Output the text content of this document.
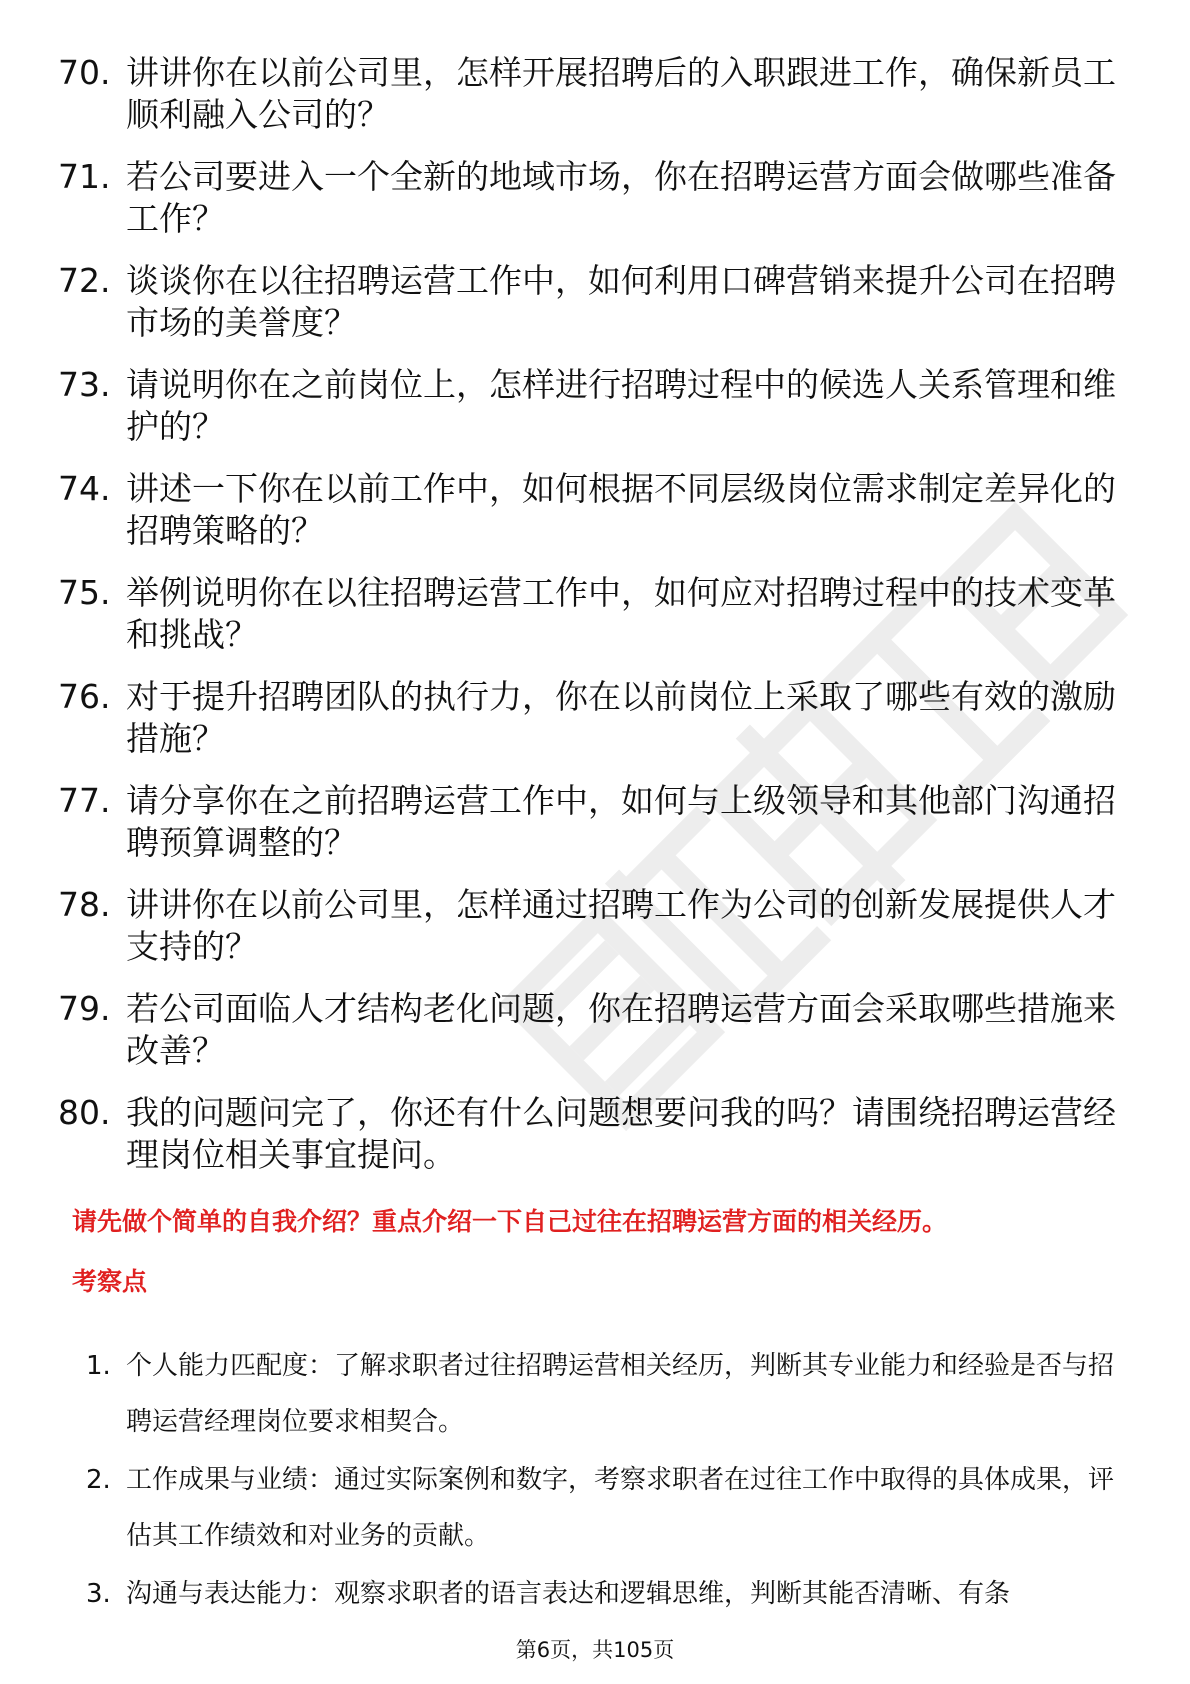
70. 讲讲你在以前公司里，怎样开展招聘后的入职跟进工作，确保新员工顺利融入公司的？
71. 若公司要进入一个全新的地域市场，你在招聘运营方面会做哪些准备工作？
72. 谈谈你在以往招聘运营工作中，如何利用口碑营销来提升公司在招聘市场的美誉度？
73. 请说明你在之前岗位上，怎样进行招聘过程中的候选人关系管理和维护的？
74. 讲述一下你在以前工作中，如何根据不同层级岗位需求制定差异化的招聘策略的？
75. 举例说明你在以往招聘运营工作中，如何应对招聘过程中的技术变革和挑战？
76. 对于提升招聘团队的执行力，你在以前岗位上采取了哪些有效的激励措施？
77. 请分享你在之前招聘运营工作中，如何与上级领导和其他部门沟通招聘预算调整的？
78. 讲讲你在以前公司里，怎样通过招聘工作为公司的创新发展提供人才支持的？
79. 若公司面临人才结构老化问题，你在招聘运营方面会采取哪些措施来改善？
80. 我的问题问完了，你还有什么问题想要问我的吗？请围绕招聘运营经理岗位相关事宜提问。
请先做个简单的自我介绍？重点介绍一下自己过往在招聘运营方面的相关经历。
考察点
1. 个人能力匹配度：了解求职者过往招聘运营相关经历，判断其专业能力和经验是否与招聘运营经理岗位要求相契合。
2. 工作成果与业绩：通过实际案例和数字，考察求职者在过往工作中取得的具体成果，评估其工作绩效和对业务的贡献。
3. 沟通与表达能力：观察求职者的语言表达和逻辑思维，判断其能否清晰、有条
第6页，共105页
